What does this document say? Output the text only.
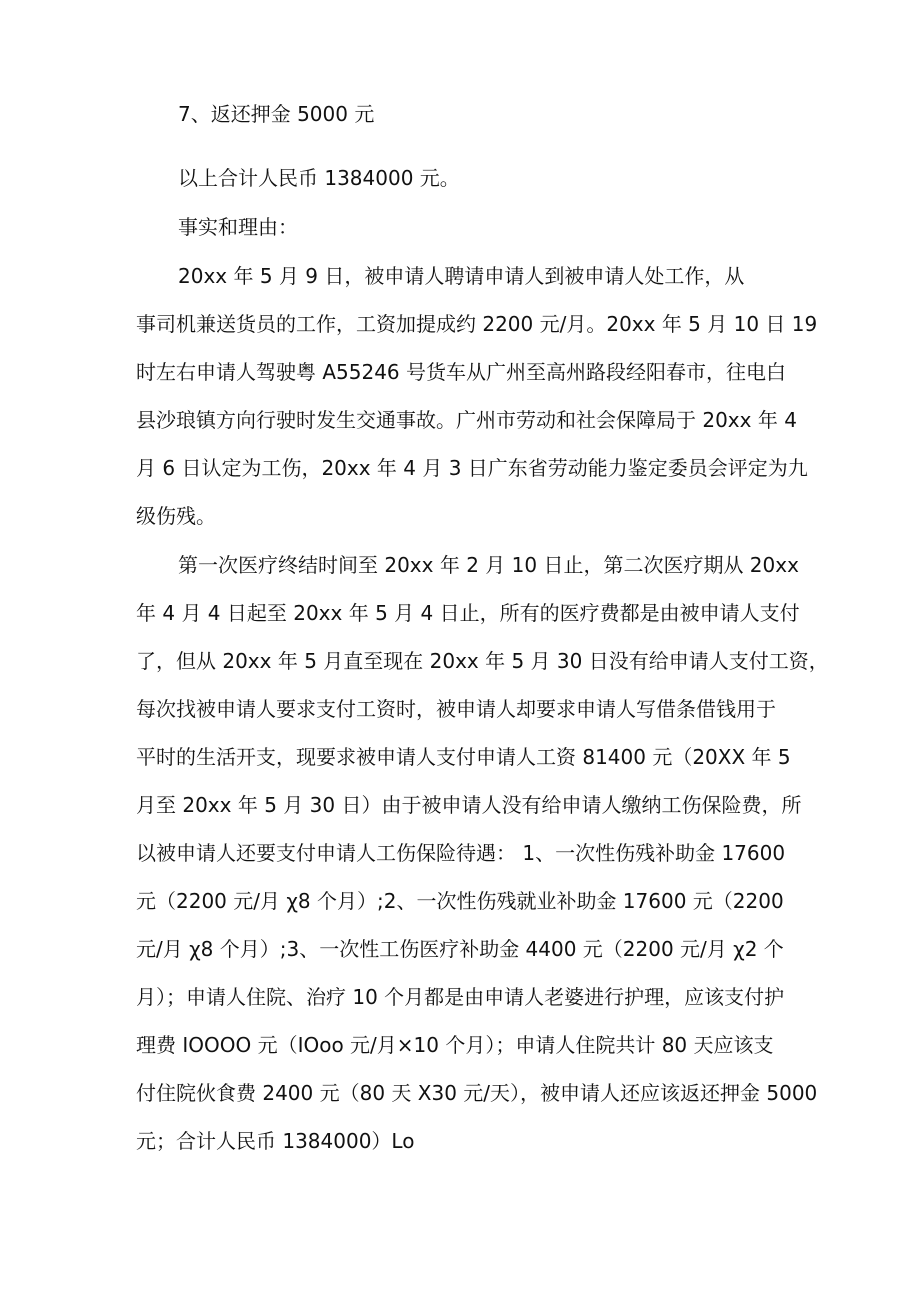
7、返还押金 5000 元
以上合计人民币 1384000 元。
事实和理由：
20xx 年 5 月 9 日，被申请人聘请申请人到被申请人处工作，从
事司机兼送货员的工作，工资加提成约 2200 元/月。20xx 年 5 月 10 日 19
时左右申请人驾驶粤 A55246 号货车从广州至高州路段经阳春市，往电白
县沙琅镇方向行驶时发生交通事故。广州市劳动和社会保障局于 20xx 年 4
月 6 日认定为工伤，20xx 年 4 月 3 日广东省劳动能力鉴定委员会评定为九
级伤残。
第一次医疗终结时间至 20xx 年 2 月 10 日止，第二次医疗期从 20xx
年 4 月 4 日起至 20xx 年 5 月 4 日止，所有的医疗费都是由被申请人支付
了，但从 20xx 年 5 月直至现在 20xx 年 5 月 30 日没有给申请人支付工资，
每次找被申请人要求支付工资时，被申请人却要求申请人写借条借钱用于
平时的生活开支，现要求被申请人支付申请人工资 81400 元（20XX 年 5
月至 20xx 年 5 月 30 日）由于被申请人没有给申请人缴纳工伤保险费，所
以被申请人还要支付申请人工伤保险待遇： 1、一次性伤残补助金 17600
元（2200 元/月 χ8 个月）;2、一次性伤残就业补助金 17600 元（2200
元/月 χ8 个月）;3、一次性工伤医疗补助金 4400 元（2200 元/月 χ2 个
月）；申请人住院、治疗 10 个月都是由申请人老婆进行护理，应该支付护
理费 IOOOO 元（IOoo 元/月×10 个月）；申请人住院共计 80 天应该支
付住院伙食费 2400 元（80 天 X30 元/天），被申请人还应该返还押金 5000
元；合计人民币 1384000）Lo
